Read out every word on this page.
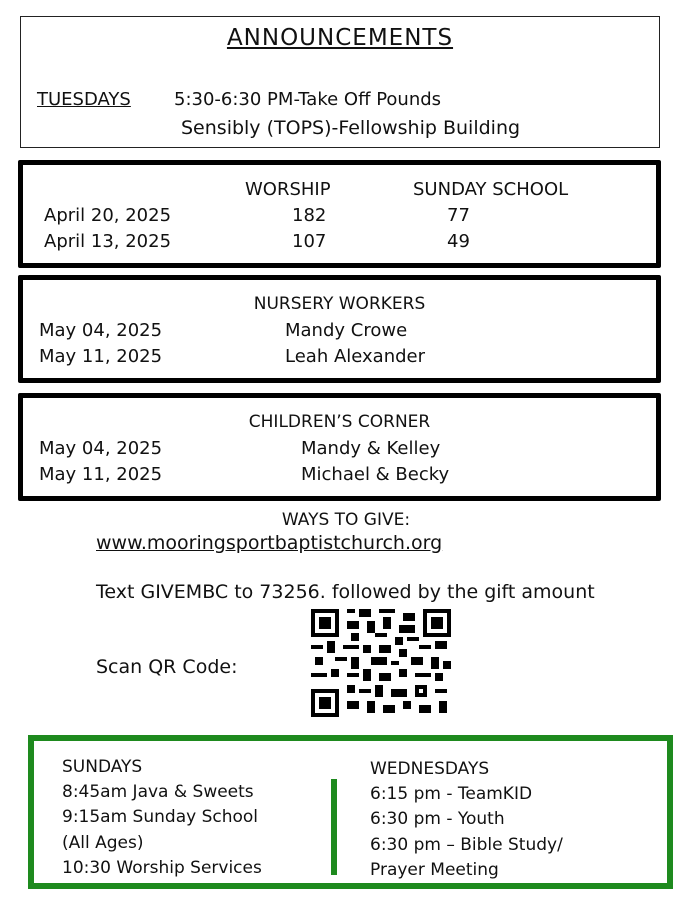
ANNOUNCEMENTS
TUESDAYS 5:30-6:30 PM-Take Off Pounds
Sensibly (TOPS)-Fellowship Building
WORSHIP	SUNDAY SCHOOL
April 20, 2025	182	77
April 13, 2025	107	49
NURSERY WORKERS
May 04, 2025	Mandy Crowe
May 11, 2025	Leah Alexander
CHILDREN’S CORNER
May 04, 2025	Mandy & Kelley
May 11, 2025	Michael & Becky
WAYS TO GIVE:
www.mooringsportbaptistchurch.org
Text GIVEMBC to 73256. followed by the gift amount
Scan QR Code:
SUNDAYS
8:45am Java & Sweets
9:15am Sunday School
(All Ages)
10:30 Worship Services
WEDNESDAYS
6:15 pm - TeamKID
6:30 pm - Youth
6:30 pm – Bible Study/
Prayer Meeting
